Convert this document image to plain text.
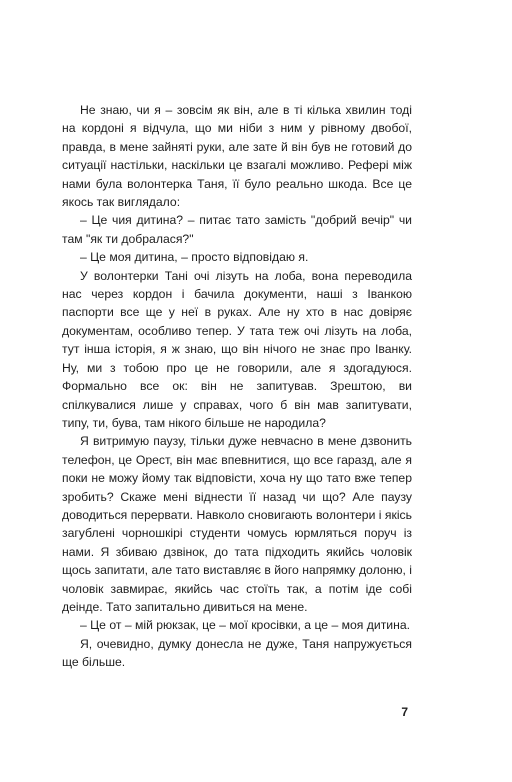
Не знаю, чи я – зовсім як він, але в ті кілька хвилин тоді на кордоні я відчула, що ми ніби з ним у рівному двобої, правда, в мене зайняті руки, але зате й він був не готовий до ситуації настільки, наскільки це взагалі можливо. Рефері між нами була волонтерка Таня, її було реально шкода. Все це якось так виглядало:

– Це чия дитина? – питає тато замість "добрий вечір" чи там "як ти добралася?"

– Це моя дитина, – просто відповідаю я.

У волонтерки Тані очі лізуть на лоба, вона переводила нас через кордон і бачила документи, наші з Іванкою паспорти все ще у неї в руках. Але ну хто в нас довіряє документам, особливо тепер. У тата теж очі лізуть на лоба, тут інша історія, я ж знаю, що він нічого не знає про Іванку. Ну, ми з тобою про це не говорили, але я здогадуюся. Формально все ок: він не запитував. Зрештою, ви спілкувалися лише у справах, чого б він мав запитувати, типу, ти, бува, там нікого більше не народила?

Я витримую паузу, тільки дуже невчасно в мене дзвонить телефон, це Орест, він має впевнитися, що все гаразд, але я поки не можу йому так відповісти, хоча ну що тато вже тепер зробить? Скаже мені віднести її назад чи що? Але паузу доводиться перервати. Навколо сновигають волонтери і якісь загублені чорношкірі студенти чомусь юрмляться поруч із нами. Я збиваю дзвінок, до тата підходить якийсь чоловік щось запитати, але тато виставляє в його напрямку долоню, і чоловік завмирає, якийсь час стоїть так, а потім іде собі деінде. Тато запитально дивиться на мене.

– Це от – мій рюкзак, це – мої кросівки, а це – моя дитина.

Я, очевидно, думку донесла не дуже, Таня напружується ще більше.

7
